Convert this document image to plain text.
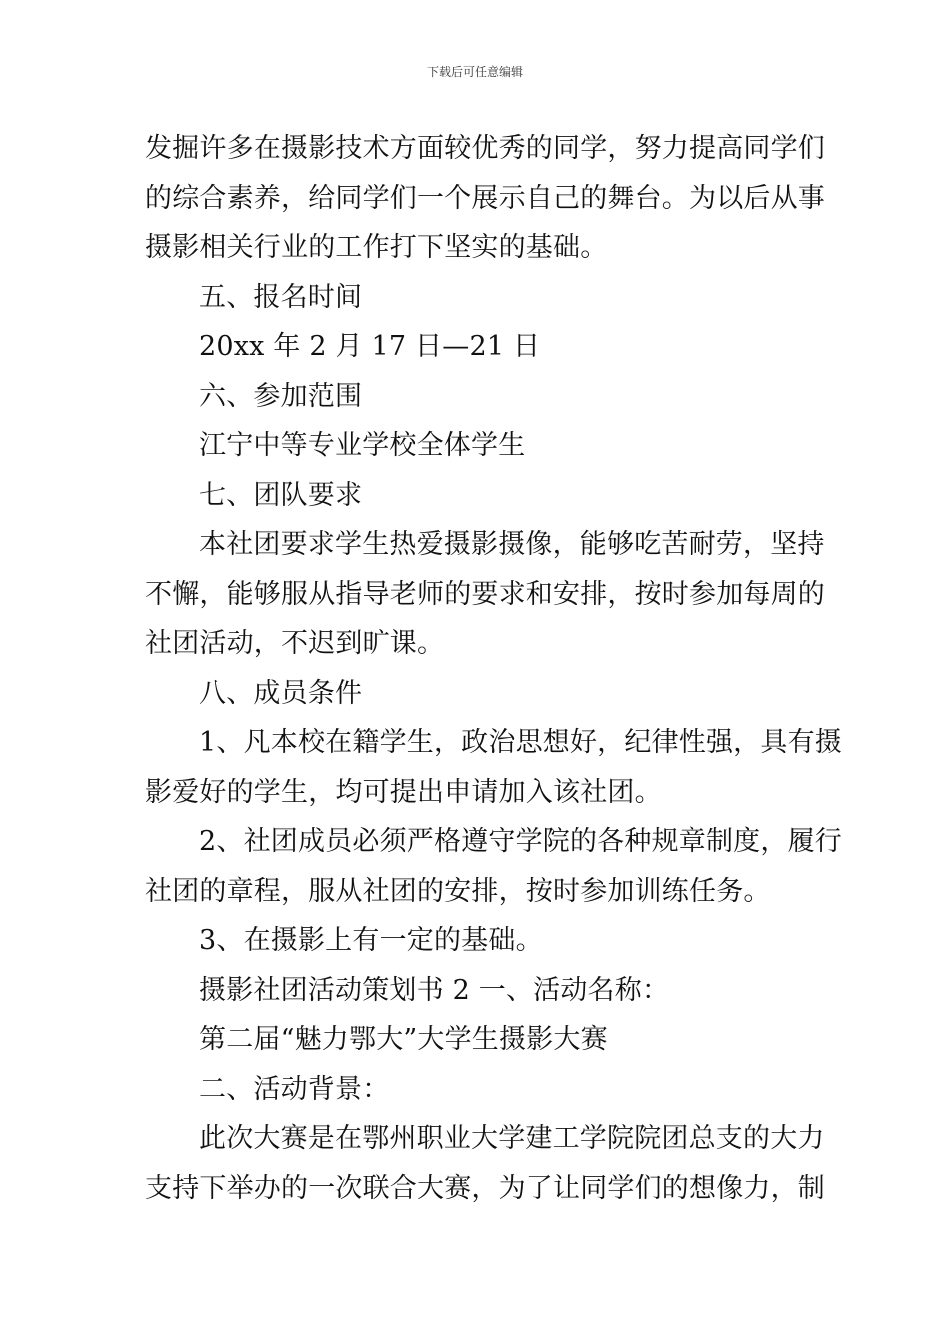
下载后可任意编辑
发掘许多在摄影技术方面较优秀的同学，努力提高同学们
的综合素养，给同学们一个展示自己的舞台。为以后从事
摄影相关行业的工作打下坚实的基础。
五、报名时间
20xx 年 2 月 17 日—21 日
六、参加范围
江宁中等专业学校全体学生
七、团队要求
本社团要求学生热爱摄影摄像，能够吃苦耐劳，坚持
不懈，能够服从指导老师的要求和安排，按时参加每周的
社团活动，不迟到旷课。
八、成员条件
1、凡本校在籍学生，政治思想好，纪律性强，具有摄
影爱好的学生，均可提出申请加入该社团。
2、社团成员必须严格遵守学院的各种规章制度，履行
社团的章程，服从社团的安排，按时参加训练任务。
3、在摄影上有一定的基础。
摄影社团活动策划书 2 一、活动名称：
第二届“魅力鄂大”大学生摄影大赛
二、活动背景：
此次大赛是在鄂州职业大学建工学院院团总支的大力
支持下举办的一次联合大赛，为了让同学们的想像力，制
